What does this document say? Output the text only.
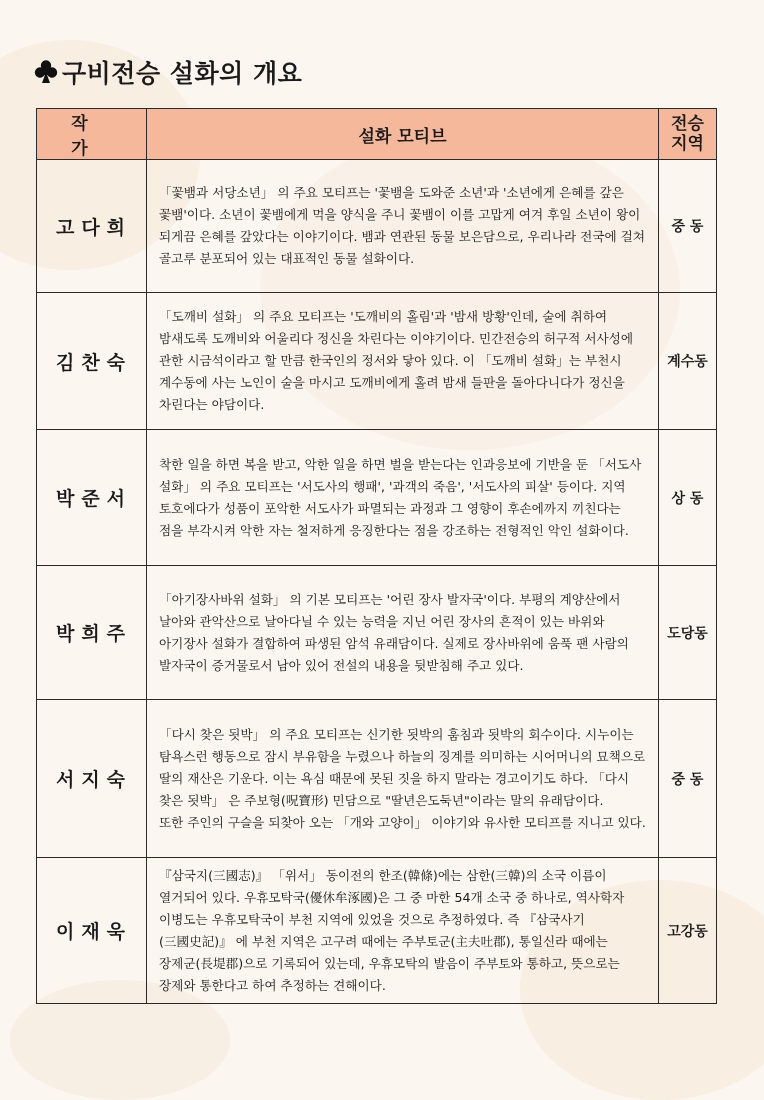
구비전승 설화의 개요
작 가	설화 모티브	전승
지역
고다희	「꽃뱀과 서당소년」 의 주요 모티프는 '꽃뱀을 도와준 소년'과 '소년에게 은혜를 갚은 꽃뱀'이다. 소년이 꽃뱀에게 먹을 양식을 주니 꽃뱀이 이를 고맙게 여겨 후일 소년이 왕이 되게끔 은혜를 갚았다는 이야기이다. 뱀과 연관된 동물 보은담으로, 우리나라 전국에 걸쳐 골고루 분포되어 있는 대표적인 동물 설화이다.	중 동
김찬숙	「도깨비 설화」 의 주요 모티프는 '도깨비의 홀림'과 '밤새 방황'인데, 술에 취하여 밤새도록 도깨비와 어울리다 정신을 차린다는 이야기이다. 민간전승의 허구적 서사성에 관한 시금석이라고 할 만큼 한국인의 정서와 닿아 있다. 이 「도깨비 설화」는 부천시 계수동에 사는 노인이 술을 마시고 도깨비에게 홀려 밤새 들판을 돌아다니다가 정신을 차린다는 야담이다.	계수동
박준서	착한 일을 하면 복을 받고, 악한 일을 하면 벌을 받는다는 인과응보에 기반을 둔 「서도사 설화」 의 주요 모티프는 '서도사의 행패', '과객의 죽음', '서도사의 피살' 등이다. 지역 토호에다가 성품이 포악한 서도사가 파멸되는 과정과 그 영향이 후손에까지 끼친다는 점을 부각시켜 악한 자는 철저하게 응징한다는 점을 강조하는 전형적인 악인 설화이다.	상 동
박희주	「아기장사바위 설화」 의 기본 모티프는 '어린 장사 발자국'이다. 부평의 계양산에서 날아와 관악산으로 날아다닐 수 있는 능력을 지닌 어린 장사의 흔적이 있는 바위와 아기장사 설화가 결합하여 파생된 암석 유래담이다. 실제로 장사바위에 움푹 팬 사람의 발자국이 증거물로서 남아 있어 전설의 내용을 뒷받침해 주고 있다.	도당동
서지숙	「다시 찾은 됫박」 의 주요 모티프는 신기한 됫박의 훔침과 됫박의 회수이다. 시누이는 탐욕스런 행동으로 잠시 부유함을 누렸으나 하늘의 징계를 의미하는 시어머니의 묘책으로 딸의 재산은 기운다. 이는 욕심 때문에 못된 짓을 하지 말라는 경고이기도 하다. 「다시 찾은 됫박」 은 주보형(呪寶形) 민담으로 "딸년은도둑년"이라는 말의 유래담이다.
또한 주인의 구슬을 되찾아 오는 「개와 고양이」 이야기와 유사한 모티프를 지니고 있다.	중 동
이재욱	『삼국지(三國志)』 「위서」 동이전의 한조(韓條)에는 삼한(三韓)의 소국 이름이 열거되어 있다. 우휴모탁국(優休牟涿國)은 그 중 마한 54개 소국 중 하나로, 역사학자 이병도는 우휴모탁국이 부천 지역에 있었을 것으로 추정하였다. 즉 『삼국사기(三國史記)』 에 부천 지역은 고구려 때에는 주부토군(主夫吐郡), 통일신라 때에는 장제군(長堤郡)으로 기록되어 있는데, 우휴모탁의 발음이 주부토와 통하고, 뜻으로는 장제와 통한다고 하여 추정하는 견해이다.	고강동
